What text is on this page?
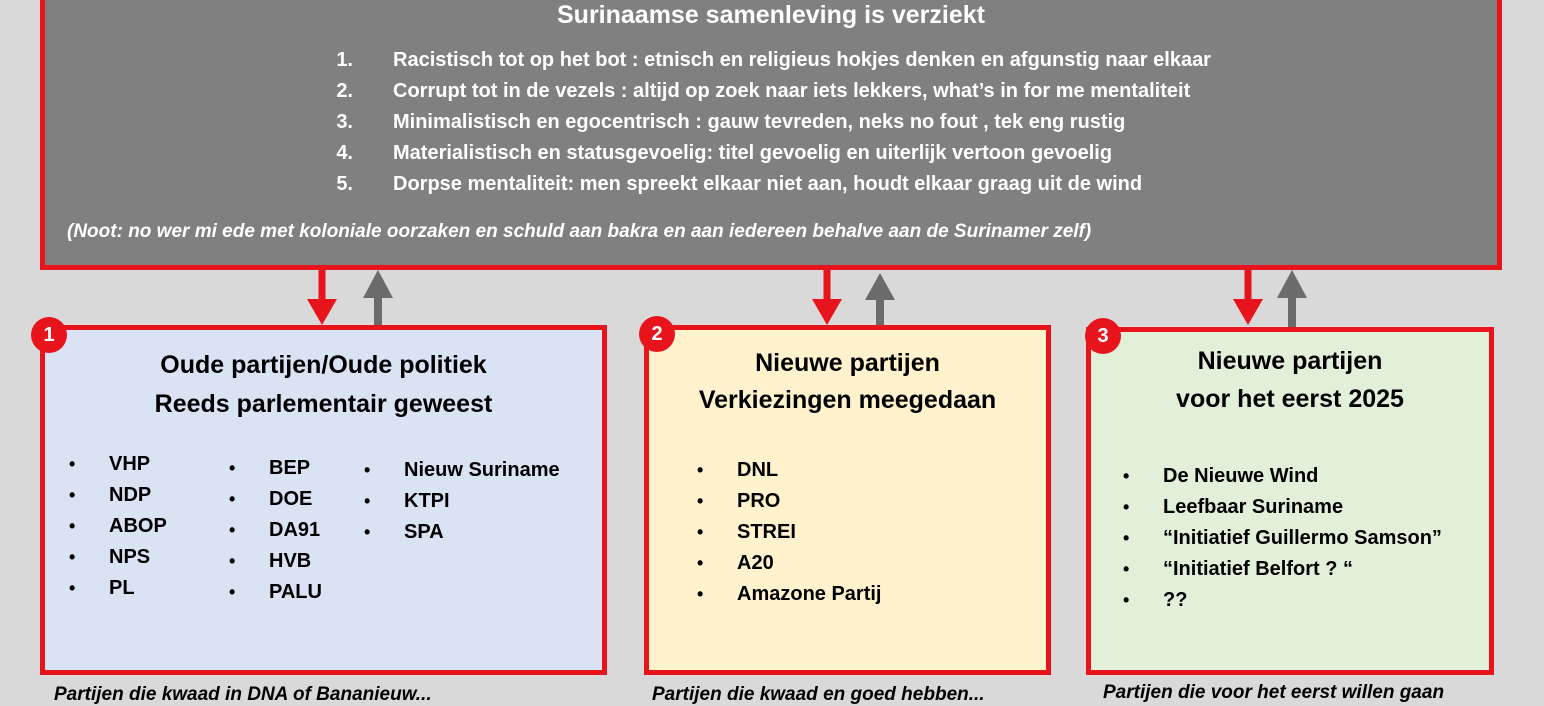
Surinaamse samenleving is verziekt
1. Racistisch tot op het bot : etnisch en religieus hokjes denken en afgunstig naar elkaar
2. Corrupt tot in de vezels : altijd op zoek naar iets lekkers, what’s in for me mentaliteit
3. Minimalistisch en egocentrisch : gauw tevreden, neks no fout , tek eng rustig
4. Materialistisch en statusgevoelig: titel gevoelig en uiterlijk vertoon gevoelig
5. Dorpse mentaliteit: men spreekt elkaar niet aan, houdt elkaar graag uit de wind
(Noot: no wer mi ede met koloniale oorzaken en schuld aan bakra en aan iedereen behalve aan de Surinamer zelf)
Oude partijen/Oude politiek
Reeds parlementair geweest
• VHP
• NDP
• ABOP
• NPS
• PL
• BEP
• DOE
• DA91
• HVB
• PALU
• Nieuw Suriname
• KTPI
• SPA
1
Nieuwe partijen
Verkiezingen meegedaan
• DNL
• PRO
• STREI
• A20
• Amazone Partij
2
Nieuwe partijen
voor het eerst 2025
• De Nieuwe Wind
• Leefbaar Suriname
• “Initiatief Guillermo Samson”
• “Initiatief Belfort ? “
• ??
3
Partijen die kwaad in DNA of Bananieuw...	Partijen die kwaad en goed hebben...	Partijen die voor het eerst willen gaan
